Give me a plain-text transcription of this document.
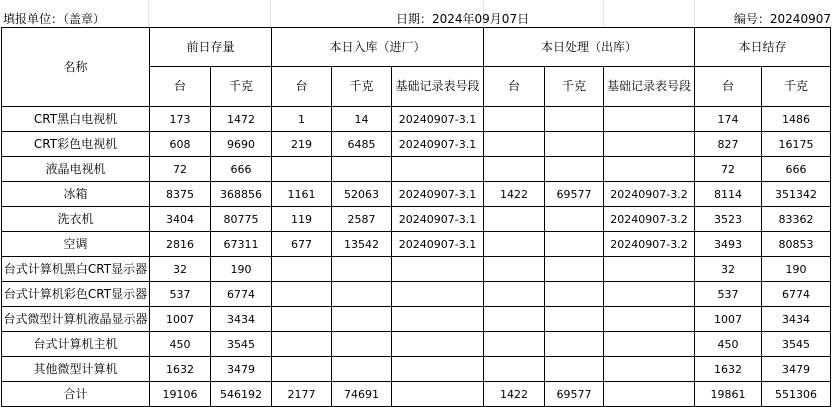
填报单位：（盖章）	日期：2024年09月07日	编号：20240907
名称	前日存量		本日入库（进厂）			本日处理（出库）			本日结存	
	台	千克	台	千克	基础记录表号段	台	千克	基础记录表号段	台	千克
CRT黑白电视机	173	1472	1	14	20240907-3.1				174	1486
CRT彩色电视机	608	9690	219	6485	20240907-3.1				827	16175
液晶电视机	72	666							72	666
冰箱	8375	368856	1161	52063	20240907-3.1	1422	69577	20240907-3.2	8114	351342
洗衣机	3404	80775	119	2587	20240907-3.1			20240907-3.2	3523	83362
空调	2816	67311	677	13542	20240907-3.1			20240907-3.2	3493	80853
台式计算机黑白CRT显示器	32	190							32	190
台式计算机彩色CRT显示器	537	6774							537	6774
台式微型计算机液晶显示器	1007	3434							1007	3434
台式计算机主机	450	3545							450	3545
其他微型计算机	1632	3479							1632	3479
合计	19106	546192	2177	74691		1422	69577		19861	551306
